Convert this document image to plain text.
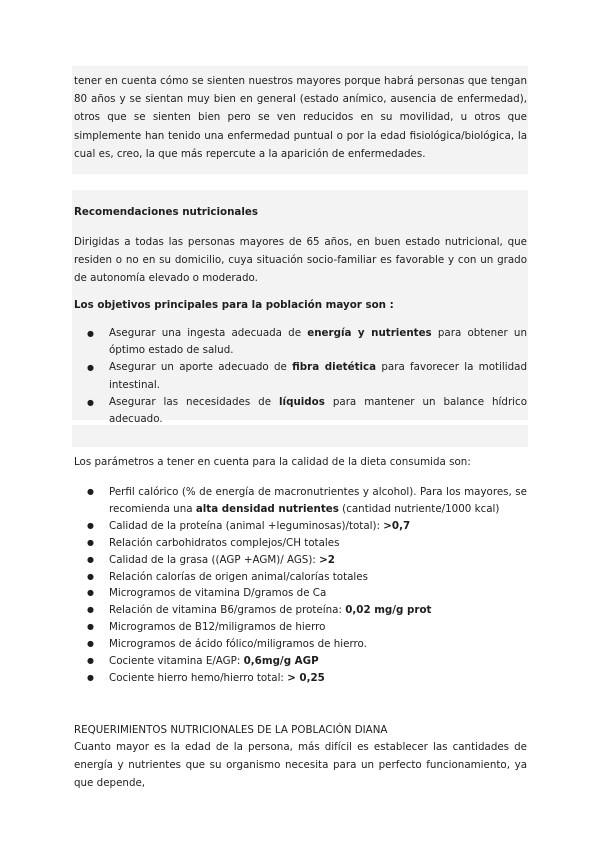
tener en cuenta cómo se sienten nuestros mayores porque habrá personas que tengan 80 años y se sientan muy bien en general (estado anímico, ausencia de enfermedad), otros que se sienten bien pero se ven reducidos en su movilidad, u otros que simplemente han tenido una enfermedad puntual o por la edad fisiológica/biológica, la cual es, creo, la que más repercute a la aparición de enfermedades.

Recomendaciones nutricionales

Dirigidas a todas las personas mayores de 65 años, en buen estado nutricional, que residen o no en su domicilio, cuya situación socio-familiar es favorable y con un grado de autonomía elevado o moderado.

Los objetivos principales para la población mayor son :

● Asegurar una ingesta adecuada de energía y nutrientes para obtener un óptimo estado de salud.
● Asegurar un aporte adecuado de fibra dietética para favorecer la motilidad intestinal.
● Asegurar las necesidades de líquidos para mantener un balance hídrico adecuado.

Los parámetros a tener en cuenta para la calidad de la dieta consumida son:

● Perfil calórico (% de energía de macronutrientes y alcohol). Para los mayores, se recomienda una alta densidad nutrientes (cantidad nutriente/1000 kcal)
● Calidad de la proteína (animal +leguminosas)/total): >0,7
● Relación carbohidratos complejos/CH totales
● Calidad de la grasa ((AGP +AGM)/ AGS): >2
● Relación calorías de origen animal/calorías totales
● Microgramos de vitamina D/gramos de Ca
● Relación de vitamina B6/gramos de proteína: 0,02 mg/g prot
● Microgramos de B12/miligramos de hierro
● Microgramos de ácido fólico/miligramos de hierro.
● Cociente vitamina E/AGP: 0,6mg/g AGP
● Cociente hierro hemo/hierro total: > 0,25

REQUERIMIENTOS NUTRICIONALES DE LA POBLACIÓN DIANA

Cuanto mayor es la edad de la persona, más difícil es establecer las cantidades de energía y nutrientes que su organismo necesita para un perfecto funcionamiento, ya que depende,
